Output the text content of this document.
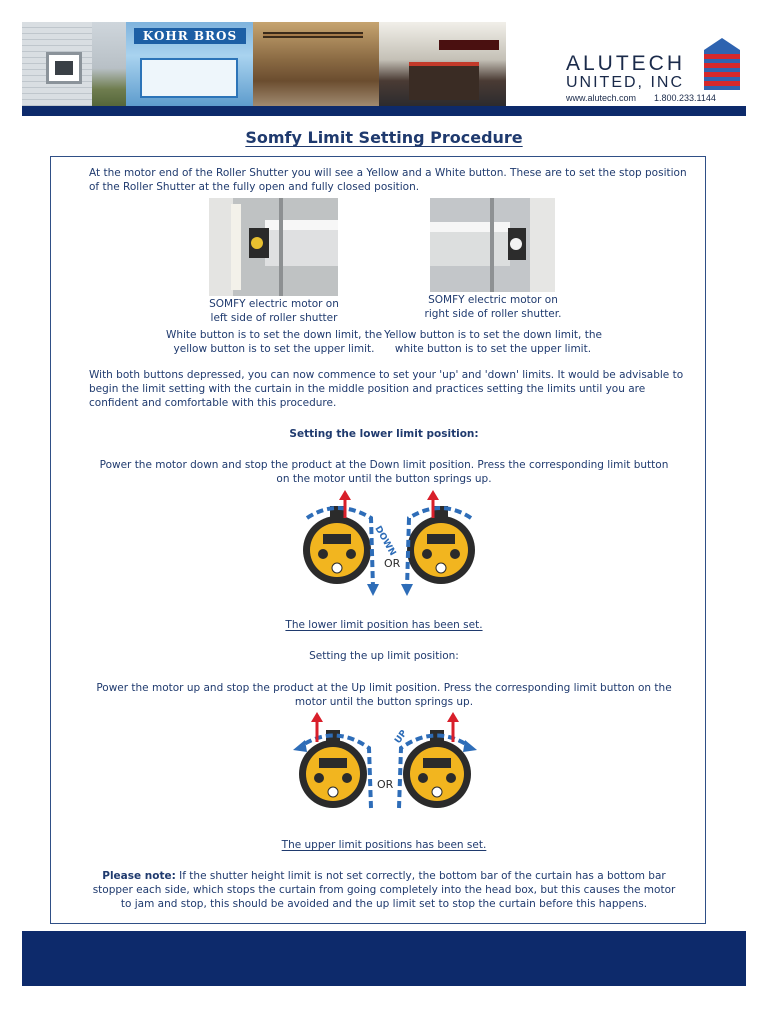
KOHR BROS
ALUTECH
UNITED, INC
www.alutech.com 1.800.233.1144
Somfy Limit Setting Procedure
At the motor end of the Roller Shutter you will see a Yellow and a White button. These are to set the stop position of the Roller Shutter at the fully open and fully closed position.
SOMFY electric motor on left side of roller shutter
SOMFY electric motor on right side of roller shutter.
White button is to set the down limit, the yellow button is to set the upper limit.
Yellow button is to set the down limit, the white button is to set the upper limit.
With both buttons depressed, you can now commence to set your 'up' and 'down' limits. It would be advisable to begin the limit setting with the curtain in the middle position and practices setting the limits until you are confident and comfortable with this procedure.
Setting the lower limit position:
Power the motor down and stop the product at the Down limit position. Press the corresponding limit button on the motor until the button springs up.
DOWN
OR
The lower limit position has been set.
Setting the up limit position:
Power the motor up and stop the product at the Up limit position. Press the corresponding limit button on the motor until the button springs up.
OR
UP
The upper limit positions has been set.
Please note: If the shutter height limit is not set correctly, the bottom bar of the curtain has a bottom bar stopper each side, which stops the curtain from going completely into the head box, but this causes the motor to jam and stop, this should be avoided and the up limit set to stop the curtain before this happens.
